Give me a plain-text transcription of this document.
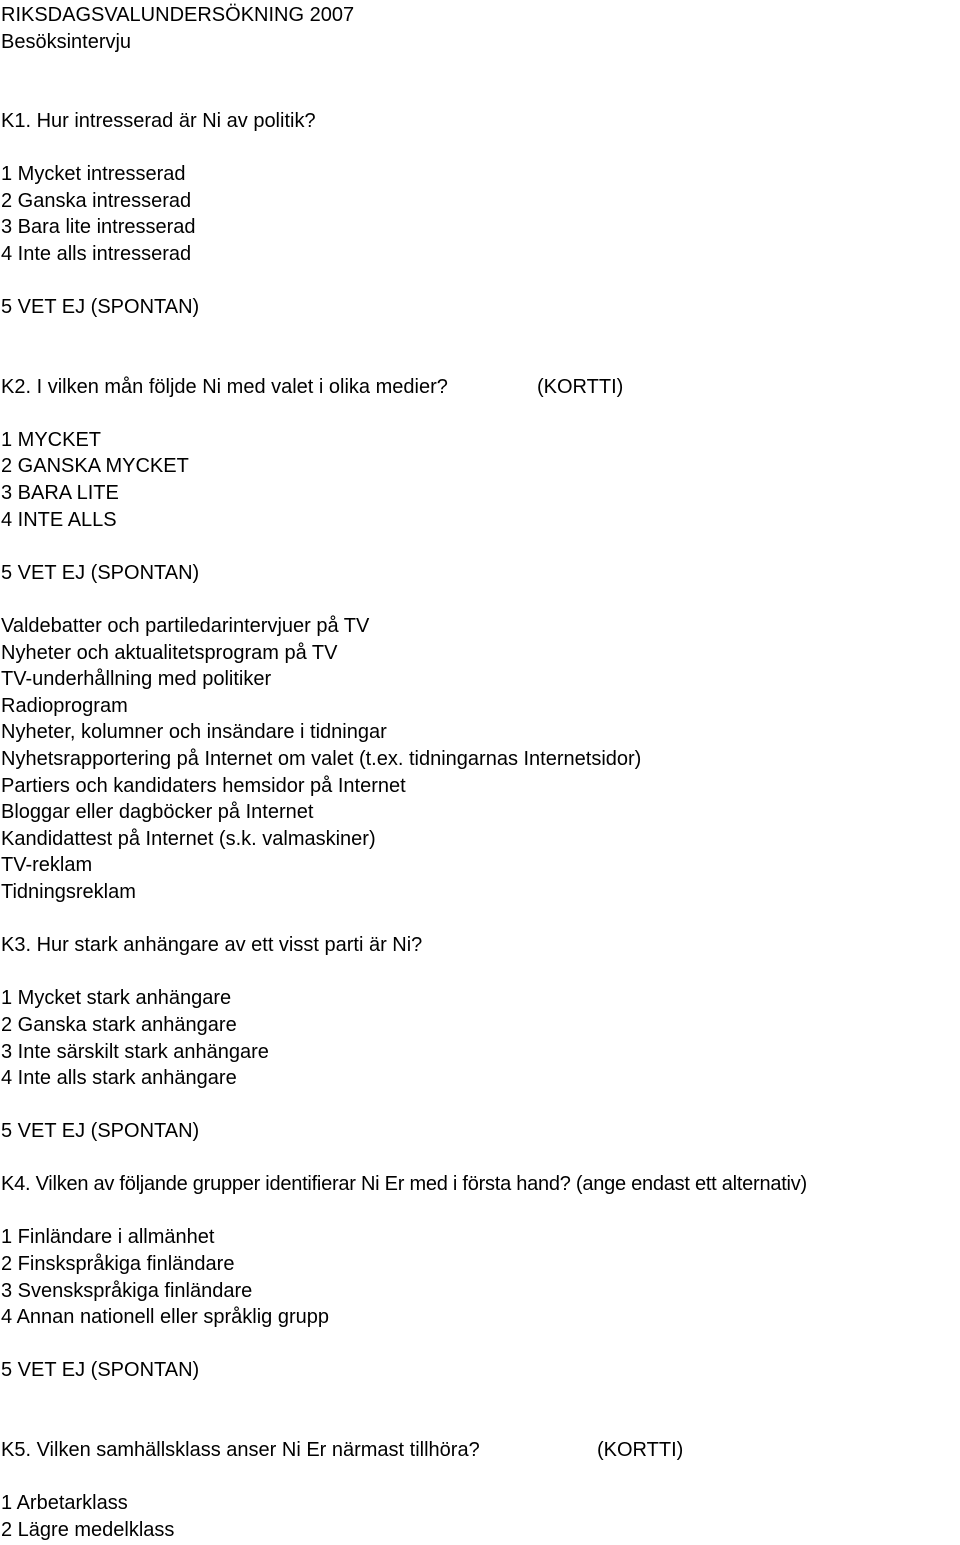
RIKSDAGSVALUNDERSÖKNING 2007
Besöksintervju
K1. Hur intresserad är Ni av politik?
1 Mycket intresserad
2 Ganska intresserad
3 Bara lite intresserad
4 Inte alls intresserad
5 VET EJ (SPONTAN)
K2. I vilken mån följde Ni med valet i olika medier?	(KORTTI)
1 MYCKET
2 GANSKA MYCKET
3 BARA LITE
4 INTE ALLS
5 VET EJ (SPONTAN)
Valdebatter och partiledarintervjuer på TV
Nyheter och aktualitetsprogram på TV
TV-underhållning med politiker
Radioprogram
Nyheter, kolumner och insändare i tidningar
Nyhetsrapportering på Internet om valet (t.ex. tidningarnas Internetsidor)
Partiers och kandidaters hemsidor på Internet
Bloggar eller dagböcker på Internet
Kandidattest på Internet (s.k. valmaskiner)
TV-reklam
Tidningsreklam
K3. Hur stark anhängare av ett visst parti är Ni?
1 Mycket stark anhängare
2 Ganska stark anhängare
3 Inte särskilt stark anhängare
4 Inte alls stark anhängare
5 VET EJ (SPONTAN)
K4. Vilken av följande grupper identifierar Ni Er med i första hand? (ange endast ett alternativ)
1 Finländare i allmänhet
2 Finskspråkiga finländare
3 Svenskspråkiga finländare
4 Annan nationell eller språklig grupp
5 VET EJ (SPONTAN)
K5. Vilken samhällsklass anser Ni Er närmast tillhöra?	(KORTTI)
1 Arbetarklass
2 Lägre medelklass
